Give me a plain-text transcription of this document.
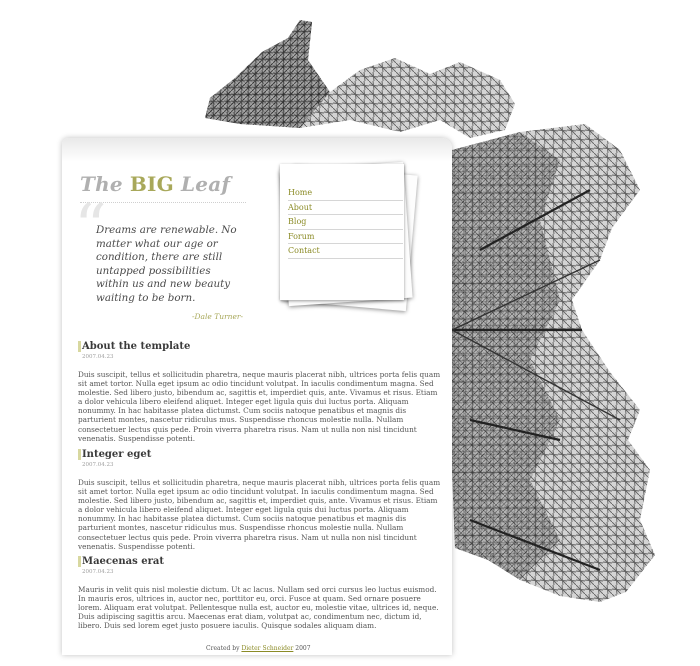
The BIG Leaf
“

Dreams are renewable. No matter what our age or condition, there are still untapped possibilities within us and new beauty waiting to be born.

-Dale Turner-
Home
About
Blog
Forum
Contact
About the template
2007.04.23

Duis suscipit, tellus et sollicitudin pharetra, neque mauris placerat nibh, ultrices porta felis quam sit amet tortor. Nulla eget ipsum ac odio tincidunt volutpat. In iaculis condimentum magna. Sed molestie. Sed libero justo, bibendum ac, sagittis et, imperdiet quis, ante. Vivamus et risus. Etiam a dolor vehicula libero eleifend aliquet. Integer eget ligula quis dui luctus porta. Aliquam nonummy. In hac habitasse platea dictumst. Cum sociis natoque penatibus et magnis dis parturient montes, nascetur ridiculus mus. Suspendisse rhoncus molestie nulla. Nullam consectetuer lectus quis pede. Proin viverra pharetra risus. Nam ut nulla non nisl tincidunt venenatis. Suspendisse potenti.

Integer eget
2007.04.23

Duis suscipit, tellus et sollicitudin pharetra, neque mauris placerat nibh, ultrices porta felis quam sit amet tortor. Nulla eget ipsum ac odio tincidunt volutpat. In iaculis condimentum magna. Sed molestie. Sed libero justo, bibendum ac, sagittis et, imperdiet quis, ante. Vivamus et risus. Etiam a dolor vehicula libero eleifend aliquet. Integer eget ligula quis dui luctus porta. Aliquam nonummy. In hac habitasse platea dictumst. Cum sociis natoque penatibus et magnis dis parturient montes, nascetur ridiculus mus. Suspendisse rhoncus molestie nulla. Nullam consectetuer lectus quis pede. Proin viverra pharetra risus. Nam ut nulla non nisl tincidunt venenatis. Suspendisse potenti.

Maecenas erat
2007.04.23

Mauris in velit quis nisl molestie dictum. Ut ac lacus. Nullam sed orci cursus leo luctus euismod. In mauris eros, ultrices in, auctor nec, porttitor eu, orci. Fusce at quam. Sed ornare posuere lorem. Aliquam erat volutpat. Pellentesque nulla est, auctor eu, molestie vitae, ultrices id, neque. Duis adipiscing sagittis arcu. Maecenas erat diam, volutpat ac, condimentum nec, dictum id, libero. Duis sed lorem eget justo posuere iaculis. Quisque sodales aliquam diam.

Created by Dieter Schneider 2007
